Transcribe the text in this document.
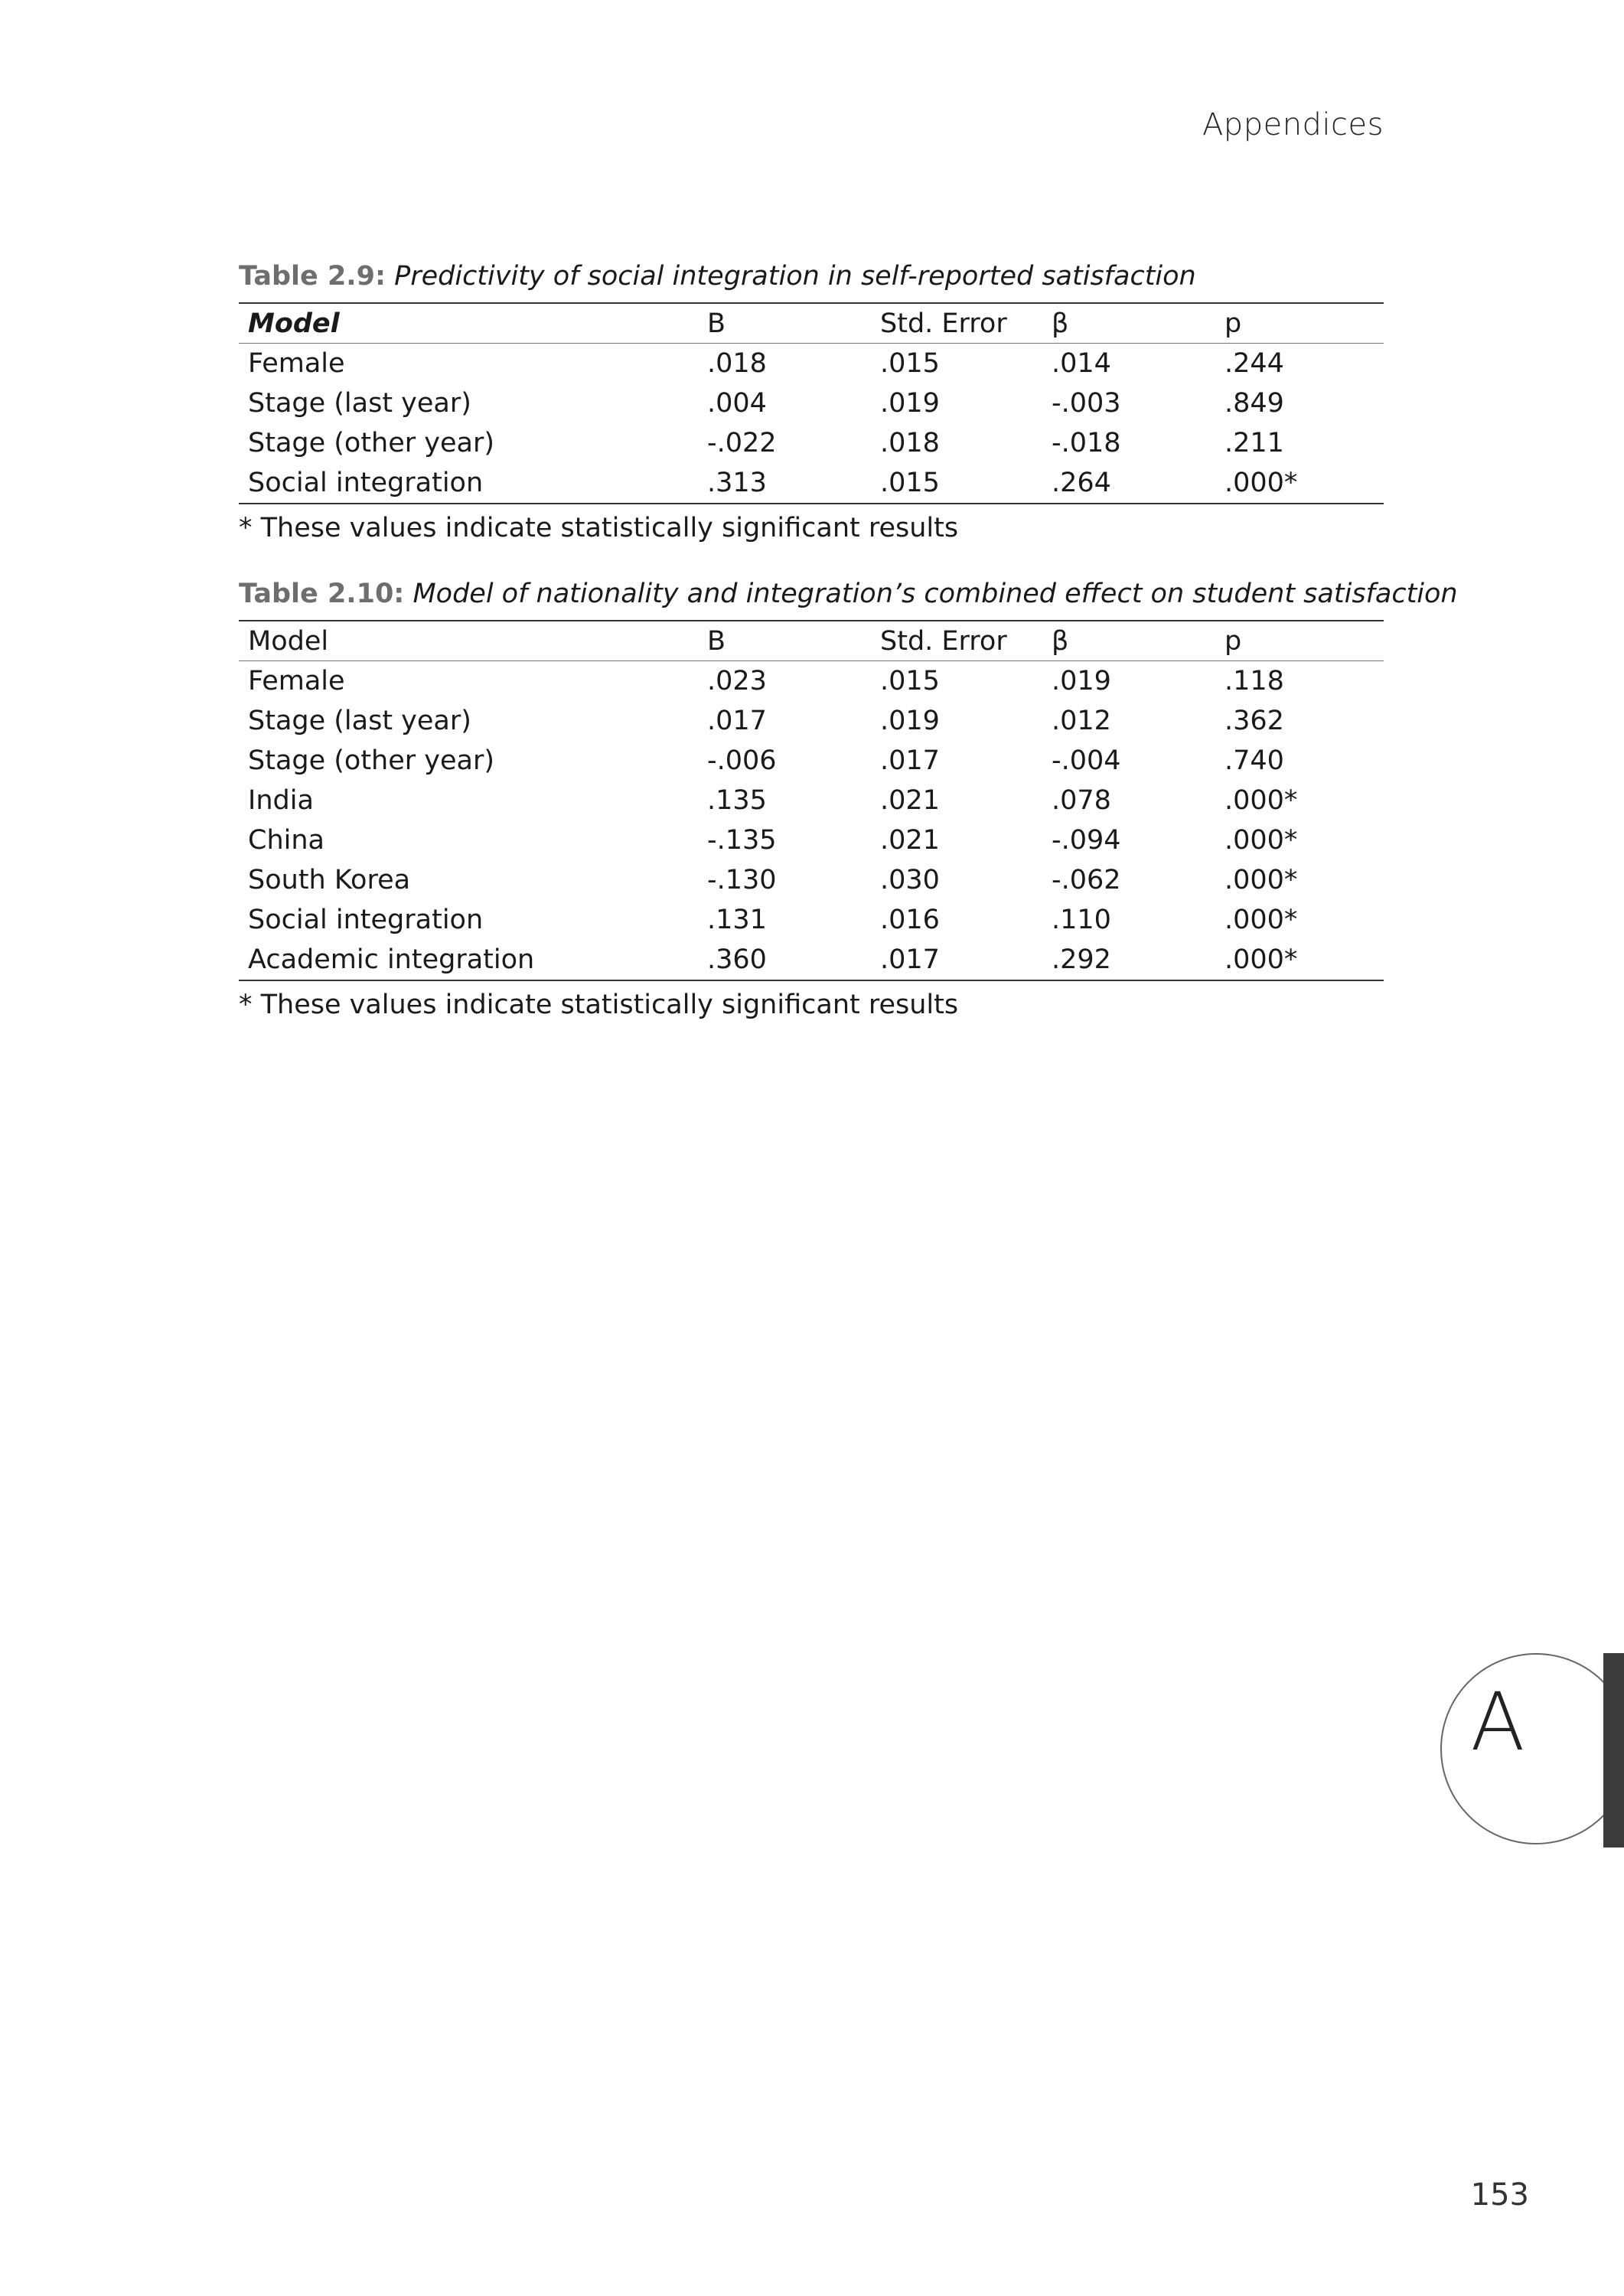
Appendices
Table 2.9: Predictivity of social integration in self-reported satisfaction
Model	B	Std. Error	β	p
Female	.018	.015	.014	.244
Stage (last year)	.004	.019	-.003	.849
Stage (other year)	-.022	.018	-.018	.211
Social integration	.313	.015	.264	.000*
* These values indicate statistically significant results
Table 2.10: Model of nationality and integration’s combined effect on student satisfaction
Model	B	Std. Error	β	p
Female	.023	.015	.019	.118
Stage (last year)	.017	.019	.012	.362
Stage (other year)	-.006	.017	-.004	.740
India	.135	.021	.078	.000*
China	-.135	.021	-.094	.000*
South Korea	-.130	.030	-.062	.000*
Social integration	.131	.016	.110	.000*
Academic integration	.360	.017	.292	.000*
* These values indicate statistically significant results
A
153
